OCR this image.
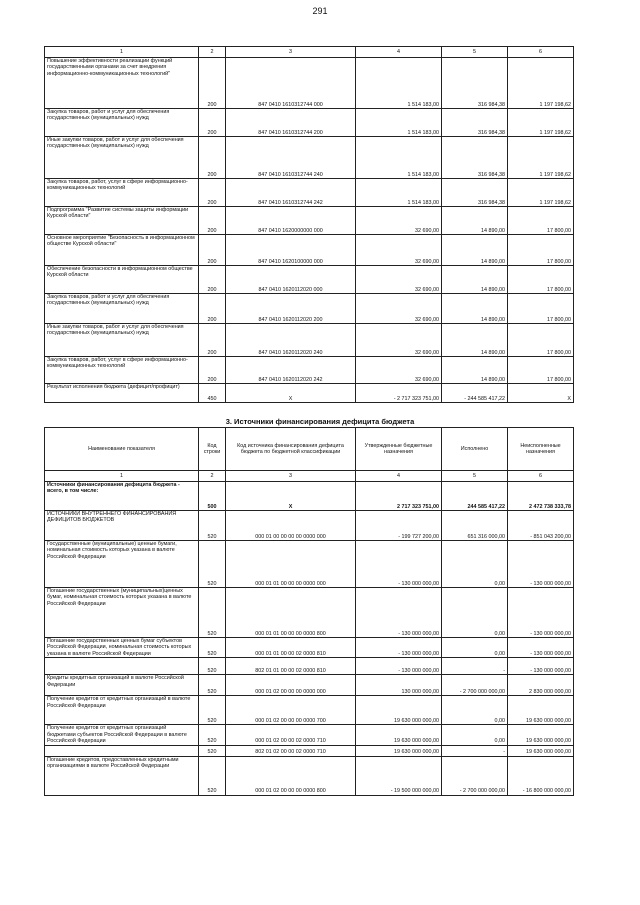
291
1	2	3	4	5	6
Повышение эффективности реализации функций государственными органами за счет внедрения информационно-коммуникационных технологий"	200	847 0410 1610312744 000	1 514 183,00	316 984,38	1 197 198,62
Закупка товаров, работ и услуг для обеспечения государственных (муниципальных) нужд	200	847 0410 1610312744 200	1 514 183,00	316 984,38	1 197 198,62
Иные закупки товаров, работ и услуг для обеспечения государственных (муниципальных) нужд	200	847 0410 1610312744 240	1 514 183,00	316 984,38	1 197 198,62
Закупка товаров, работ, услуг в сфере информационно-коммуникационных технологий	200	847 0410 1610312744 242	1 514 183,00	316 984,38	1 197 198,62
Подпрограмма "Развитие системы защиты информации Курской области"	200	847 0410 1620000000 000	32 690,00	14 890,00	17 800,00
Основное мероприятие "Безопасность в информационном обществе Курской области"	200	847 0410 1620100000 000	32 690,00	14 890,00	17 800,00
Обеспечение безопасности в информационном обществе Курской области	200	847 0410 1620112020 000	32 690,00	14 890,00	17 800,00
Закупка товаров, работ и услуг для обеспечения государственных (муниципальных) нужд	200	847 0410 1620112020 200	32 690,00	14 890,00	17 800,00
Иные закупки товаров, работ и услуг для обеспечения государственных (муниципальных) нужд	200	847 0410 1620112020 240	32 690,00	14 890,00	17 800,00
Закупка товаров, работ, услуг в сфере информационно-коммуникационных технологий	200	847 0410 1620112020 242	32 690,00	14 890,00	17 800,00
Результат исполнения бюджета (дефицит/профицит)	450	X	- 2 717 323 751,00	- 244 585 417,22	X
3. Источники финансирования дефицита бюджета
Наименование показателя	Код строки	Код источника финансирования дефицита бюджета по бюджетной классификации	Утвержденные бюджетные назначения	Исполнено	Неисполненные назначения
1	2	3	4	5	6
Источники финансирования дефицита бюджета - всего, в том числе:	500	X	2 717 323 751,00	244 585 417,22	2 472 738 333,78
ИСТОЧНИКИ ВНУТРЕННЕГО ФИНАНСИРОВАНИЯ ДЕФИЦИТОВ БЮДЖЕТОВ	520	000 01 00 00 00 00 0000 000	- 199 727 200,00	651 316 000,00	- 851 043 200,00
Государственные (муниципальные) ценные бумаги, номинальная стоимость которых указана в валюте Российской Федерации	520	000 01 01 00 00 00 0000 000	- 130 000 000,00	0,00	- 130 000 000,00
Погашение государственных (муниципальных)ценных бумаг, номинальная стоимость которых указана в валюте Российской Федерации	520	000 01 01 00 00 00 0000 800	- 130 000 000,00	0,00	- 130 000 000,00
Погашение государственных ценных бумаг субъектов Российской Федерации, номинальная стоимость которых указана в валюте Российской Федерации	520	000 01 01 00 00 02 0000 810	- 130 000 000,00	0,00	- 130 000 000,00
	520	802 01 01 00 00 02 0000 810	- 130 000 000,00	-	- 130 000 000,00
Кредиты кредитных организаций в валюте Российской Федерации	520	000 01 02 00 00 00 0000 000	130 000 000,00	- 2 700 000 000,00	2 830 000 000,00
Получение кредитов от кредитных организаций в валюте Российской Федерации	520	000 01 02 00 00 00 0000 700	19 630 000 000,00	0,00	19 630 000 000,00
Получение кредитов от кредитных организаций бюджетами субъектов Российской Федерации в валюте Российской Федерации	520	000 01 02 00 00 02 0000 710	19 630 000 000,00	0,00	19 630 000 000,00
	520	802 01 02 00 00 02 0000 710	19 630 000 000,00	-	19 630 000 000,00
Погашение кредитов, предоставленных кредитными организациями в валюте Российской Федерации	520	000 01 02 00 00 00 0000 800	- 19 500 000 000,00	- 2 700 000 000,00	- 16 800 000 000,00
